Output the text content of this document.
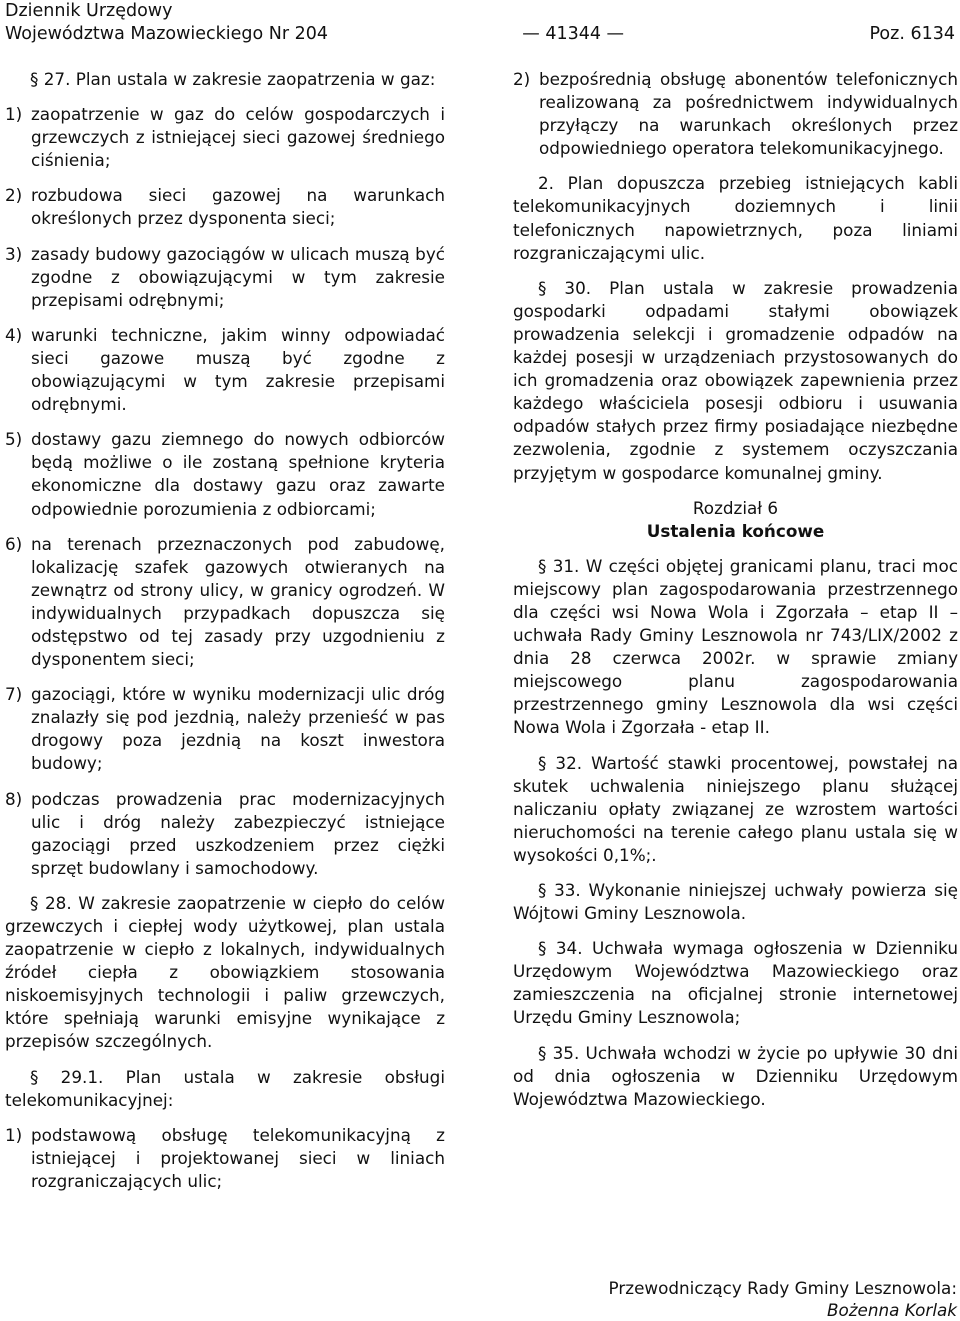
Dziennik Urzędowy
Województwa Mazowieckiego Nr 204	— 41344 —	Poz. 6134

§ 27. Plan ustala w zakresie zaopatrzenia w gaz:

1) zaopatrzenie w gaz do celów gospodarczych i grzewczych z istniejącej sieci gazowej średniego ciśnienia;
2) rozbudowa sieci gazowej na warunkach określonych przez dysponenta sieci;
3) zasady budowy gazociągów w ulicach muszą być zgodne z obowiązującymi w tym zakresie przepisami odrębnymi;
4) warunki techniczne, jakim winny odpowiadać sieci gazowe muszą być zgodne z obowiązującymi w tym zakresie przepisami odrębnymi.
5) dostawy gazu ziemnego do nowych odbiorców będą możliwe o ile zostaną spełnione kryteria ekonomiczne dla dostawy gazu oraz zawarte odpowiednie porozumienia z odbiorcami;
6) na terenach przeznaczonych pod zabudowę, lokalizację szafek gazowych otwieranych na zewnątrz od strony ulicy, w granicy ogrodzeń. W indywidualnych przypadkach dopuszcza się odstępstwo od tej zasady przy uzgodnieniu z dysponentem sieci;
7) gazociągi, które w wyniku modernizacji ulic dróg znalazły się pod jezdnią, należy przenieść w pas drogowy poza jezdnią na koszt inwestora budowy;
8) podczas prowadzenia prac modernizacyjnych ulic i dróg należy zabezpieczyć istniejące gazociągi przed uszkodzeniem przez ciężki sprzęt budowlany i samochodowy.

§ 28. W zakresie zaopatrzenie w ciepło do celów grzewczych i ciepłej wody użytkowej, plan ustala zaopatrzenie w ciepło z lokalnych, indywidualnych źródeł ciepła z obowiązkiem stosowania niskoemisyjnych technologii i paliw grzewczych, które spełniają warunki emisyjne wynikające z przepisów szczególnych.

§ 29.1. Plan ustala w zakresie obsługi telekomunikacyjnej:

1) podstawową obsługę telekomunikacyjną z istniejącej i projektowanej sieci w liniach rozgraniczających ulic;
2) bezpośrednią obsługę abonentów telefonicznych realizowaną za pośrednictwem indywidualnych przyłączy na warunkach określonych przez odpowiedniego operatora telekomunikacyjnego.

2. Plan dopuszcza przebieg istniejących kabli telekomunikacyjnych doziemnych i linii telefonicznych napowietrznych, poza liniami rozgraniczającymi ulic.

§ 30. Plan ustala w zakresie prowadzenia gospodarki odpadami stałymi obowiązek prowadzenia selekcji i gromadzenie odpadów na każdej posesji w urządzeniach przystosowanych do ich gromadzenia oraz obowiązek zapewnienia przez każdego właściciela posesji odbioru i usuwania odpadów stałych przez firmy posiadające niezbędne zezwolenia, zgodnie z systemem oczyszczania przyjętym w gospodarce komunalnej gminy.

Rozdział 6
Ustalenia końcowe

§ 31. W części objętej granicami planu, traci moc miejscowy plan zagospodarowania przestrzennego dla części wsi Nowa Wola i Zgorzała – etap II – uchwała Rady Gminy Lesznowola nr 743/LIX/2002 z dnia 28 czerwca 2002r. w sprawie zmiany miejscowego planu zagospodarowania przestrzennego gminy Lesznowola dla wsi części Nowa Wola i Zgorzała - etap II.

§ 32. Wartość stawki procentowej, powstałej na skutek uchwalenia niniejszego planu służącej naliczaniu opłaty związanej ze wzrostem wartości nieruchomości na terenie całego planu ustala się w wysokości 0,1%;.

§ 33. Wykonanie niniejszej uchwały powierza się Wójtowi Gminy Lesznowola.

§ 34. Uchwała wymaga ogłoszenia w Dzienniku Urzędowym Województwa Mazowieckiego oraz zamieszczenia na oficjalnej stronie internetowej Urzędu Gminy Lesznowola;

§ 35. Uchwała wchodzi w życie po upływie 30 dni od dnia ogłoszenia w Dzienniku Urzędowym Województwa Mazowieckiego.

Przewodniczący Rady Gminy Lesznowola:
Bożenna Korlak
